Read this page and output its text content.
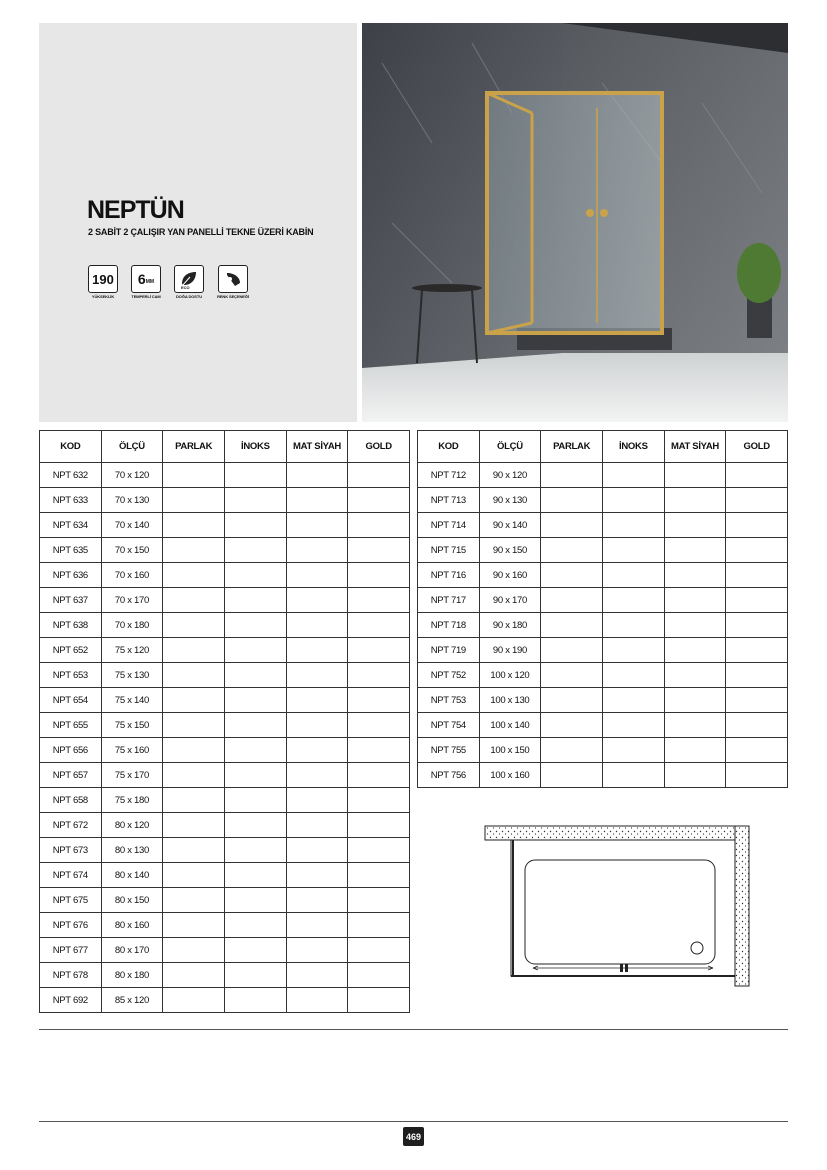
NEPTÜN
2 SABİT 2 ÇALIŞIR YAN PANELLİ TEKNE ÜZERİ KABİN
190
YÜKSEKLİK
6 MM
TEMPERLİ CAM	DOĞA DOSTU
ECO
RENK SEÇENEĞİ
KOD	ÖLÇÜ	PARLAK	İNOKS	MAT SİYAH	GOLD
NPT 632	70 x 120				
NPT 633	70 x 130				
NPT 634	70 x 140				
NPT 635	70 x 150				
NPT 636	70 x 160				
NPT 637	70 x 170				
NPT 638	70 x 180				
NPT 652	75 x 120				
NPT 653	75 x 130				
NPT 654	75 x 140				
NPT 655	75 x 150				
NPT 656	75 x 160				
NPT 657	75 x 170				
NPT 658	75 x 180				
NPT 672	80 x 120				
NPT 673	80 x 130				
NPT 674	80 x 140				
NPT 675	80 x 150				
NPT 676	80 x 160				
NPT 677	80 x 170				
NPT 678	80 x 180				
NPT 692	85 x 120				
KOD	ÖLÇÜ	PARLAK	İNOKS	MAT SİYAH	GOLD
NPT 712	90 x 120				
NPT 713	90 x 130				
NPT 714	90 x 140				
NPT 715	90 x 150				
NPT 716	90 x 160				
NPT 717	90 x 170				
NPT 718	90 x 180				
NPT 719	90 x 190				
NPT 752	100 x 120				
NPT 753	100 x 130				
NPT 754	100 x 140				
NPT 755	100 x 150				
NPT 756	100 x 160				
469
